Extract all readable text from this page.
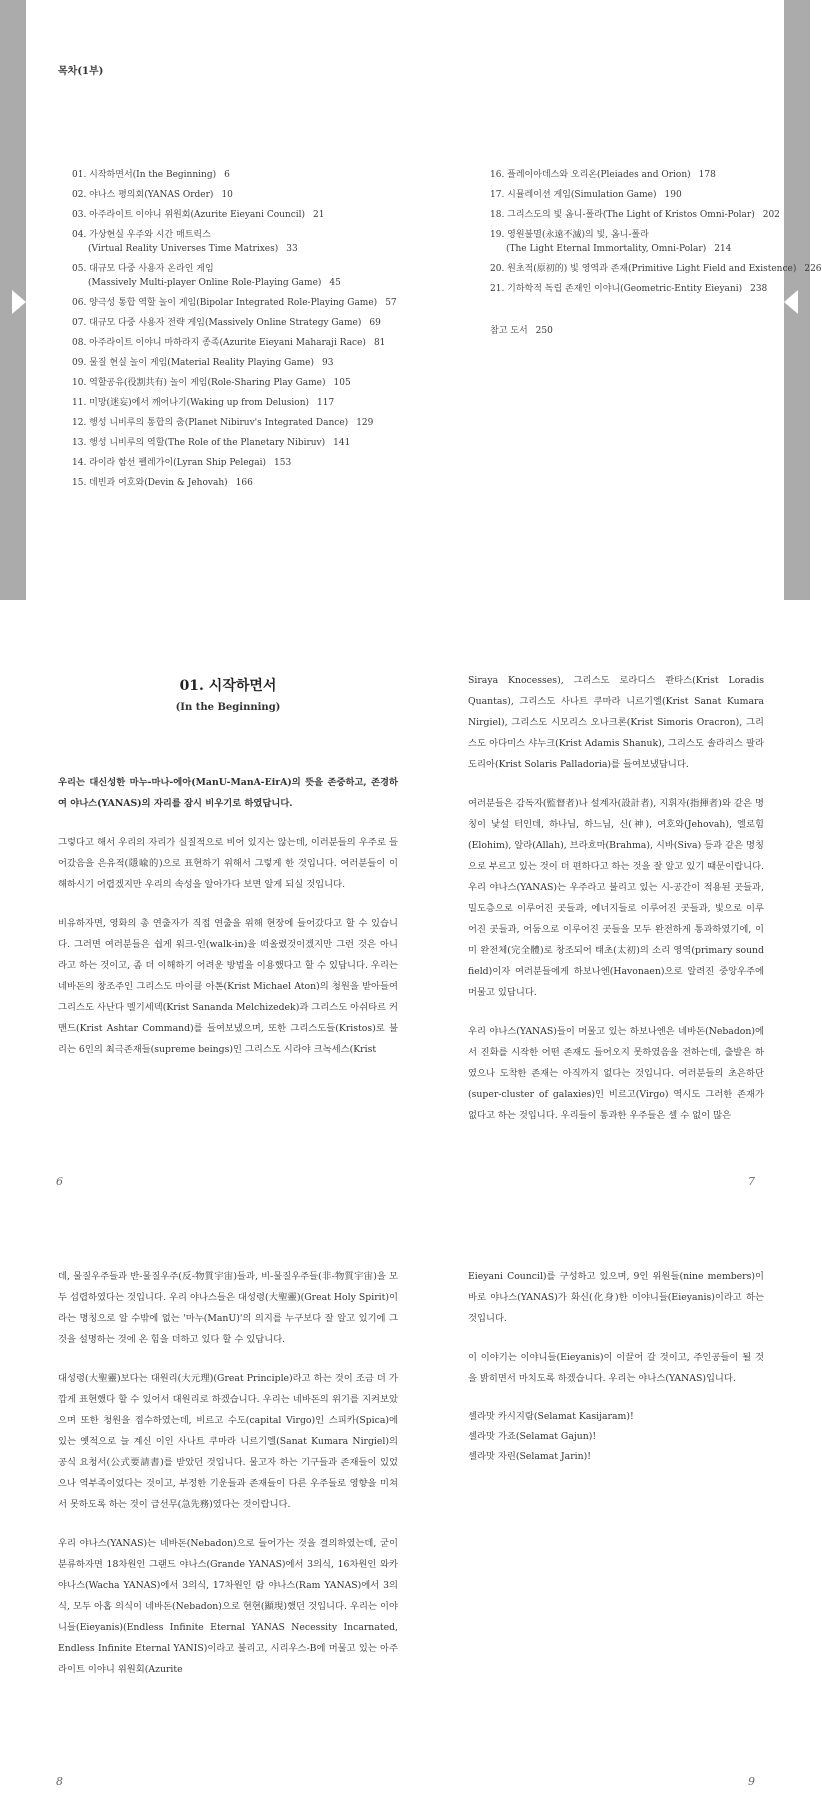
목차(1부)
01. 시작하면서(In the Beginning) 6
02. 야나스 평의회(YANAS Order) 10
03. 아주라이트 이야니 위원회(Azurite Eieyani Council) 21
04. 가상현실 우주와 시간 매트릭스
(Virtual Reality Universes Time Matrixes) 33
05. 대규모 다중 사용자 온라인 게임
(Massively Multi-player Online Role-Playing Game) 45
06. 양극성 통합 역할 놀이 게임(Bipolar Integrated Role-Playing Game) 57
07. 대규모 다중 사용자 전략 게임(Massively Online Strategy Game) 69
08. 아주라이트 이야니 마하라지 종족(Azurite Eieyani Maharaji Race) 81
09. 물질 현실 놀이 게임(Material Reality Playing Game) 93
10. 역할공유(役割共有) 놀이 게임(Role-Sharing Play Game) 105
11. 미망(迷妄)에서 깨어나기(Waking up from Delusion) 117
12. 행성 니비루의 통합의 춤(Planet Nibiruv's Integrated Dance) 129
13. 행성 니비루의 역할(The Role of the Planetary Nibiruv) 141
14. 라이라 함선 펠레가이(Lyran Ship Pelegai) 153
15. 데빈과 여호와(Devin & Jehovah) 166
16. 플레이아데스와 오리온(Pleiades and Orion) 178
17. 시뮬레이션 게임(Simulation Game) 190
18. 그리스도의 빛 옴니-폴라(The Light of Kristos Omni-Polar) 202
19. 영원불멸(永遠不滅)의 빛, 옴니-폴라
(The Light Eternal Immortality, Omni-Polar) 214
20. 원초적(原初的) 빛 영역과 존재(Primitive Light Field and Existence) 226
21. 기하학적 독립 존재인 이야니(Geometric-Entity Eieyani) 238
참고 도서 250
01. 시작하면서
(In the Beginning)

우리는 대신성한 마누-마나-에아(ManU-ManA-EirA)의 뜻을 존중하고, 존경하여 야나스(YANAS)의 자리를 잠시 비우기로 하였답니다.

그렇다고 해서 우리의 자리가 실질적으로 비어 있지는 않는데, 이러분들의 우주로 들어갔음을 은유적(隱喩的)으로 표현하기 위해서 그렇게 한 것입니다. 여러분들이 이해하시기 어렵겠지만 우리의 속성을 알아가다 보면 알게 되실 것입니다.

비유하자면, 영화의 총 연출자가 직접 연출을 위해 현장에 들어갔다고 할 수 있습니다. 그러면 여러분들은 쉽게 워크-인(walk-in)을 떠올렸것이겠지만 그런 것은 아니라고 하는 것이고, 좀 더 이해하기 어려운 방법을 이용했다고 할 수 있답니다. 우리는 네바돈의 창조주인 그리스도 마이클 아톤(Krist Michael Aton)의 청원을 받아들여 그리스도 사난다 멜기세덱(Krist Sananda Melchizedek)과 그리스도 아쉬타르 커맨드(Krist Ashtar Command)를 들여보냈으며, 또한 그리스도들(Kristos)로 불리는 6인의 최극존재들(supreme beings)인 그리스도 시라야 크녹세스(Krist

Siraya Knocesses), 그리스도 로라디스 콴타스(Krist Loradis Quantas), 그리스도 사나트 쿠마라 니르기엘(Krist Sanat Kumara Nirgiel), 그리스도 시모리스 오나크론(Krist Simoris Oracron), 그리스도 아다미스 샤누크(Krist Adamis Shanuk), 그리스도 솔라리스 팔라도리아(Krist Solaris Palladoria)를 들여보냈답니다.

여러분들은 감독자(監督者)나 설계자(設計者), 지휘자(指揮者)와 같은 명칭이 낯설 터인데, 하나님, 하느님, 신(神), 여호와(Jehovah), 엘로힘(Elohim), 알라(Allah), 브라흐마(Brahma), 시바(Siva) 등과 같은 명칭으로 부르고 있는 것이 더 편하다고 하는 것을 잘 알고 있기 때문이랍니다. 우리 야나스(YANAS)는 우주라고 불리고 있는 시-공간이 적용된 곳들과, 밀도층으로 이루어진 곳들과, 에너지들로 이루어진 곳들과, 빛으로 이루어진 곳들과, 어둠으로 이루어진 곳들을 모두 완전하게 통과하였기에, 이미 완전체(完全體)로 창조되어 태초(太初)의 소리 영역(primary sound field)이자 여러분들에게 하보나엔(Havonaen)으로 알려진 중앙우주에 머물고 있답니다.

우리 야나스(YANAS)들이 머물고 있는 하보나엔은 네바돈(Nebadon)에서 진화를 시작한 어떤 존재도 들어오지 못하였음을 전하는데, 출발은 하였으나 도착한 존재는 아직까지 없다는 것입니다. 여러분들의 초은하단(super-cluster of galaxies)인 비르고(Virgo) 역시도 그러한 존재가 없다고 하는 것입니다. 우리들이 통과한 우주들은 셀 수 없이 많은

6	7

데, 물질우주들과 반-물질우주(反-物質宇宙)들과, 비-물질우주들(非-物質宇宙)을 모두 섭렵하였다는 것입니다. 우리 야나스들은 대성령(大聖靈)(Great Holy Spirit)이라는 명칭으로 알 수밖에 없는 '마누(ManU)'의 의지를 누구보다 잘 알고 있기에 그것을 설명하는 것에 온 힘을 더하고 있다 할 수 있답니다.

대성령(大聖靈)보다는 대원리(大元理)(Great Principle)라고 하는 것이 조금 더 가깝게 표현했다 할 수 있어서 대원리로 하겠습니다. 우리는 네바돈의 위기를 지켜보았으며 또한 청원을 접수하였는데, 비르고 수도(capital Virgo)인 스피카(Spica)에 있는 옛적으로 늘 계신 이인 사나트 쿠마라 니르기엘(Sanat Kumara Nirgiel)의 공식 요청서(公式要請書)를 받았던 것입니다. 물고자 하는 기구들과 존재들이 있었으나 역부족이었다는 것이고, 부정한 기운들과 존재들이 다른 우주들로 영향을 미쳐서 못하도록 하는 것이 급선무(急先務)였다는 것이랍니다.

우리 야나스(YANAS)는 네바돈(Nebadon)으로 들어가는 것을 결의하였는데, 굳이 분류하자면 18차원인 그랜드 야나스(Grande YANAS)에서 3의식, 16차원인 와카 야나스(Wacha YANAS)에서 3의식, 17차원인 람 야나스(Ram YANAS)에서 3의식, 모두 아홉 의식이 네바돈(Nebadon)으로 현현(顯現)했던 것입니다. 우리는 이야니들(Eieyanis)(Endless Infinite Eternal YANAS Necessity Incarnated, Endless Infinite Eternal YANIS)이라고 불리고, 시리우스-B에 머물고 있는 아주라이트 이야니 위원회(Azurite

Eieyani Council)를 구성하고 있으며, 9인 위원들(nine members)이 바로 야나스(YANAS)가 화신(化身)한 이야니들(Eieyanis)이라고 하는 것입니다.

이 이야기는 이야니들(Eieyanis)이 이끌어 갈 것이고, 주인공들이 될 것을 밝히면서 마치도록 하겠습니다. 우리는 야나스(YANAS)입니다.

셀라맛 카시지람(Selamat Kasijaram)!
셀라맛 가죠(Selamat Gajun)!
셀라맛 자린(Selamat Jarin)!
8	9
